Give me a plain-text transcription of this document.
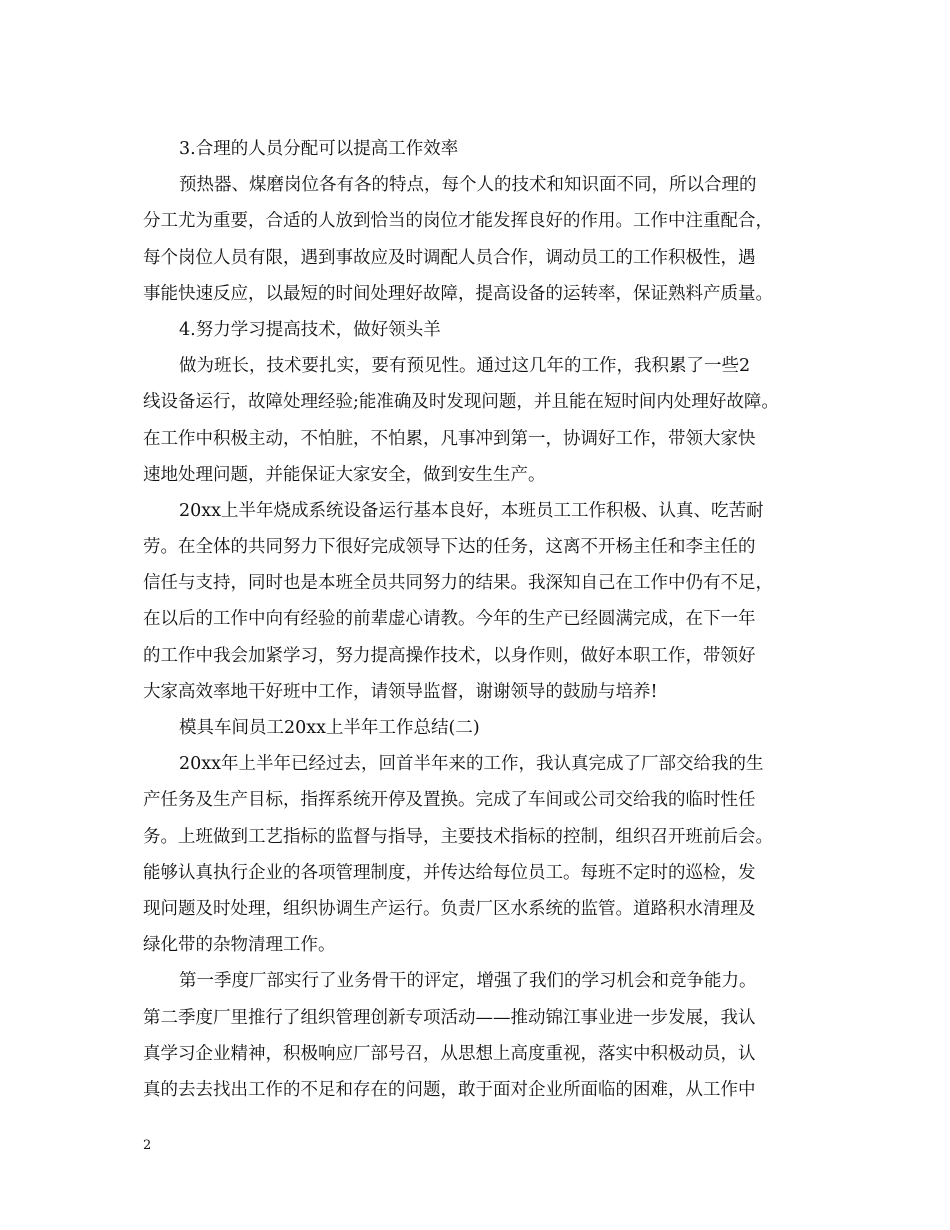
3.合理的人员分配可以提高工作效率
预热器、煤磨岗位各有各的特点，每个人的技术和知识面不同，所以合理的
分工尤为重要，合适的人放到恰当的岗位才能发挥良好的作用。工作中注重配合，
每个岗位人员有限，遇到事故应及时调配人员合作，调动员工的工作积极性，遇
事能快速反应，以最短的时间处理好故障，提高设备的运转率，保证熟料产质量。
4.努力学习提高技术，做好领头羊
做为班长，技术要扎实，要有预见性。通过这几年的工作，我积累了一些2
线设备运行，故障处理经验;能准确及时发现问题，并且能在短时间内处理好故障。
在工作中积极主动，不怕脏，不怕累，凡事冲到第一，协调好工作，带领大家快
速地处理问题，并能保证大家安全，做到安生生产。
20xx上半年烧成系统设备运行基本良好，本班员工工作积极、认真、吃苦耐
劳。在全体的共同努力下很好完成领导下达的任务，这离不开杨主任和李主任的
信任与支持，同时也是本班全员共同努力的结果。我深知自己在工作中仍有不足，
在以后的工作中向有经验的前辈虚心请教。今年的生产已经圆满完成，在下一年
的工作中我会加紧学习，努力提高操作技术，以身作则，做好本职工作，带领好
大家高效率地干好班中工作，请领导监督，谢谢领导的鼓励与培养!
模具车间员工20xx上半年工作总结(二)
20xx年上半年已经过去，回首半年来的工作，我认真完成了厂部交给我的生
产任务及生产目标，指挥系统开停及置换。完成了车间或公司交给我的临时性任
务。上班做到工艺指标的监督与指导，主要技术指标的控制，组织召开班前后会。
能够认真执行企业的各项管理制度，并传达给每位员工。每班不定时的巡检，发
现问题及时处理，组织协调生产运行。负责厂区水系统的监管。道路积水清理及
绿化带的杂物清理工作。
第一季度厂部实行了业务骨干的评定，增强了我们的学习机会和竞争能力。
第二季度厂里推行了组织管理创新专项活动——推动锦江事业进一步发展，我认
真学习企业精神，积极响应厂部号召，从思想上高度重视，落实中积极动员，认
真的去去找出工作的不足和存在的问题，敢于面对企业所面临的困难，从工作中
2
